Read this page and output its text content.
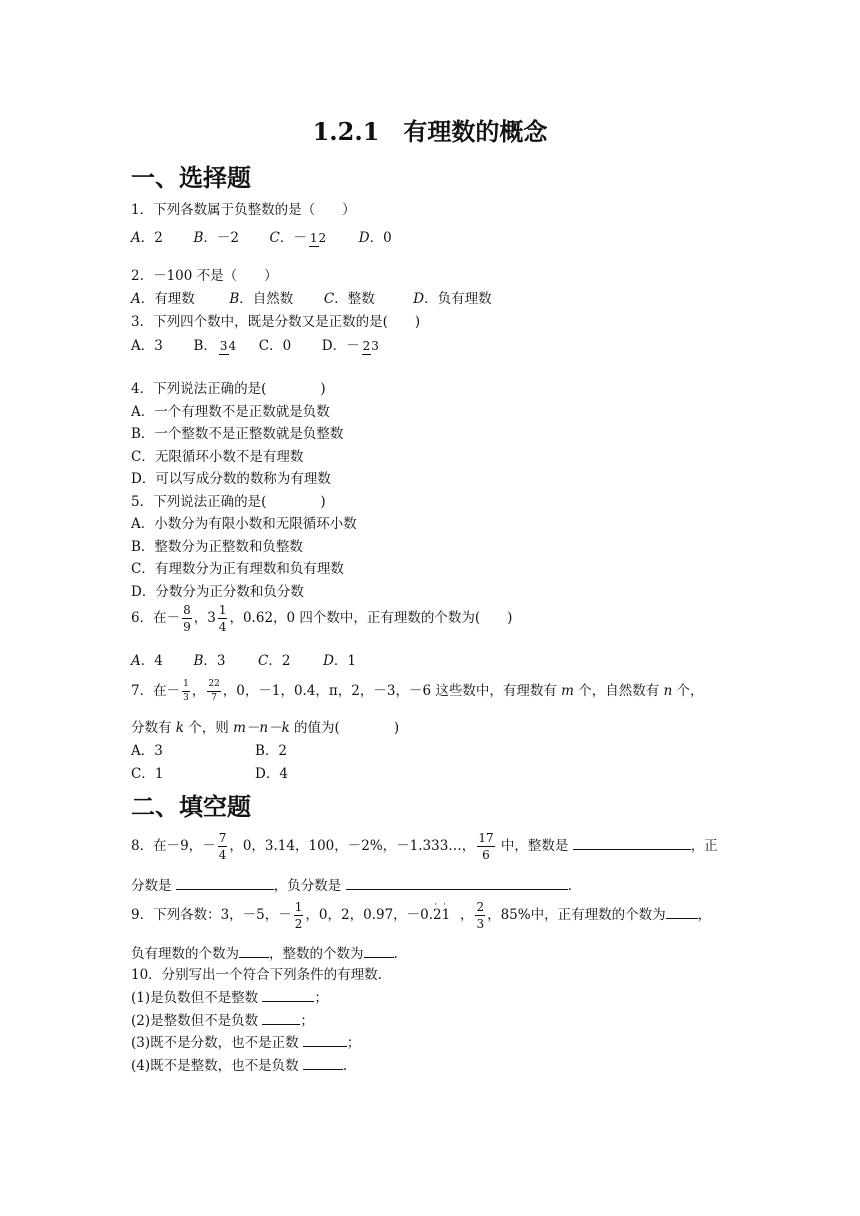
1.2.1　有理数的概念
一、选择题
1．下列各数属于负整数的是（　　）
A．2 B．－2 C．－ 12 D．0
2．－100 不是（　　）
A．有理数	B．自然数 C．整数	D．负有理数
3．下列四个数中，既是分数又是正数的是(　　)
A．3 B． 34 C．0 D．－ 23
4．下列说法正确的是(　　　　)
A．一个有理数不是正数就是负数
B．一个整数不是正整数就是负整数
C．无限循环小数不是有理数
D．可以写成分数的数称为有理数
5．下列说法正确的是(　　　　)
A．小数分为有限小数和无限循环小数
B．整数分为正整数和负整数
C．有理数分为正有理数和负有理数
D．分数分为正分数和负分数
6．在－ $\frac{8}{9}$ ，$3 \frac{1}{4}$ ，0.62，0 四个数中，正有理数的个数为(　　)
A．4 B．3 C．2 D．1
7．在－ $\frac{1}{3}$ ， $\frac{22}{7}$ ，0，－1，0.4，π，2，－3，－6 这些数中，有理数有 m 个，自然数有 n 个，
分数有 k 个，则 m－n－k 的值为(　　　　)
A．3	B．2
C．1	D．4
二、填空题
8．在－9，－ $\frac{7}{4}$ ，0，3.14，100，－2%，－1.333…， $\frac{17}{6}$ 中，整数是	，正
分数是	，负分数是	.
9．下列各数：3，－5，－ $\frac{1}{2}$ ，0，2，0.97，－0.21··， $\frac{2}{3}$ ，85%中，正有理数的个数为 ，
负有理数的个数为 ，整数的个数为 .
10．分别写出一个符合下列条件的有理数.
(1)是负数但不是整数	；
(2)是整数但不是负数	；
(3)既不是分数，也不是正数	；
(4)既不是整数，也不是负数	.
